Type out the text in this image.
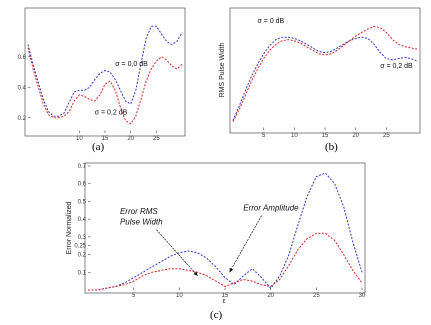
10	15	20	25
0.2
0.4
0.6
σ = 0,0 dB
σ = 0,2 dB
(a)
5	10	15	20	25
σ = 0 dB
σ = 0,2 dB
RMS Pulse Width
(b)
5	10	15	20	25	30
0.1
0.2
0.25
0.3
0.4
0.5
0.6
0.7
Error RMS
Pulse Width
Error Amplitude
Error Normalized
ε
(c)
